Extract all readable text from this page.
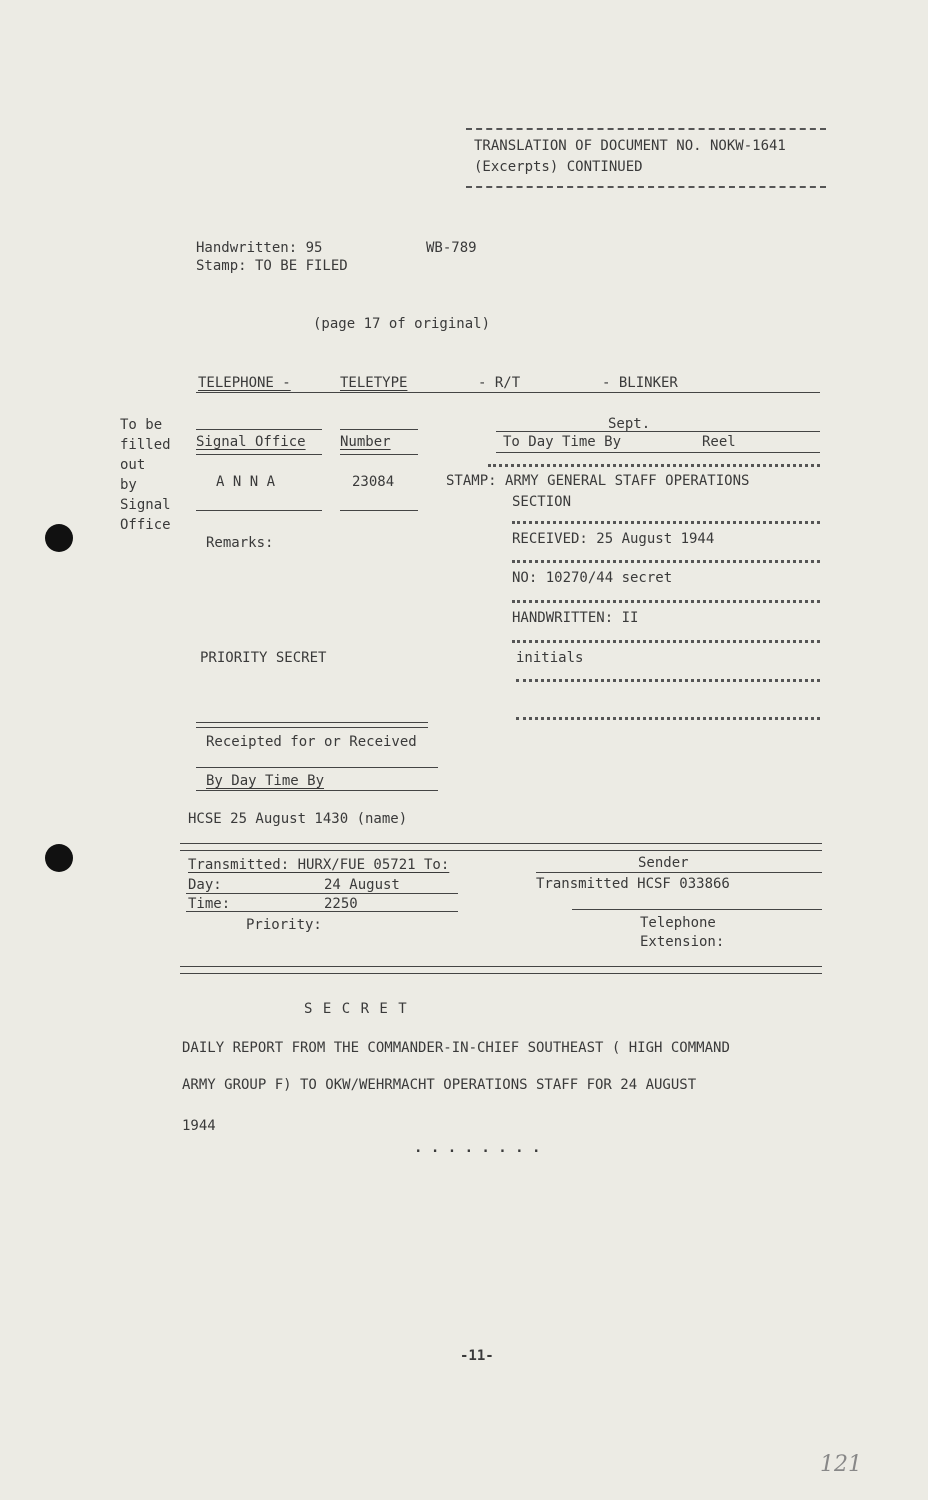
TRANSLATION OF DOCUMENT NO. NOKW-1641
(Excerpts) CONTINUED
Handwritten: 95	WB-789
Stamp: TO BE FILED
(page 17 of original)
TELEPHONE -	TELETYPE	- R/T	- BLINKER
To be
filled
out
by
Signal
Office
Signal Office Number
A N N A	23084
Sept.
To Day Time By	Reel
STAMP: ARMY GENERAL STAFF OPERATIONS
SECTION
RECEIVED: 25 August 1944
NO: 10270/44 secret
HANDWRITTEN: II
initials
Remarks:
PRIORITY SECRET
Receipted for or Received
By Day Time By
HCSE 25 August 1430 (name)
Transmitted: HURX/FUE 05721 To:	Sender
Transmitted HCSF 033866
Day:	24 August
Time:	2250
Priority:	Telephone
Extension:
S E C R E T
DAILY REPORT FROM THE COMMANDER-IN-CHIEF SOUTHEAST ( HIGH COMMAND
ARMY GROUP F) TO OKW/WEHRMACHT OPERATIONS STAFF FOR 24 AUGUST
1944
. . . . . . . .
-11-
121
